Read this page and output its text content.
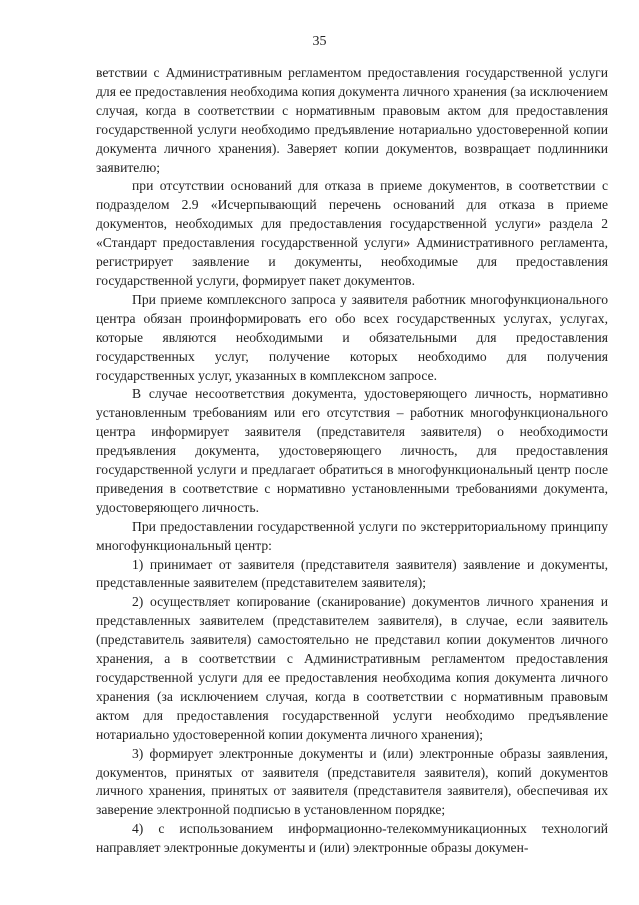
35

ветствии с Административным регламентом предоставления государственной услуги для ее предоставления необходима копия документа личного хранения (за исключением случая, когда в соответствии с нормативным правовым актом для предоставления государственной услуги необходимо предъявление нотариально удостоверенной копии документа личного хранения). Заверяет копии документов, возвращает подлинники заявителю;

при отсутствии оснований для отказа в приеме документов, в соответствии с подразделом 2.9 «Исчерпывающий перечень оснований для отказа в приеме документов, необходимых для предоставления государственной услуги» раздела 2 «Стандарт предоставления государственной услуги» Административного регламента, регистрирует заявление и документы, необходимые для предоставления государственной услуги, формирует пакет документов.

При приеме комплексного запроса у заявителя работник многофункционального центра обязан проинформировать его обо всех государственных услугах, услугах, которые являются необходимыми и обязательными для предоставления государственных услуг, получение которых необходимо для получения государственных услуг, указанных в комплексном запросе.

В случае несоответствия документа, удостоверяющего личность, нормативно установленным требованиям или его отсутствия – работник многофункционального центра информирует заявителя (представителя заявителя) о необходимости предъявления документа, удостоверяющего личность, для предоставления государственной услуги и предлагает обратиться в многофункциональный центр после приведения в соответствие с нормативно установленными требованиями документа, удостоверяющего личность.

При предоставлении государственной услуги по экстерриториальному принципу многофункциональный центр:

1) принимает от заявителя (представителя заявителя) заявление и документы, представленные заявителем (представителем заявителя);

2) осуществляет копирование (сканирование) документов личного хранения и представленных заявителем (представителем заявителя), в случае, если заявитель (представитель заявителя) самостоятельно не представил копии документов личного хранения, а в соответствии с Административным регламентом предоставления государственной услуги для ее предоставления необходима копия документа личного хранения (за исключением случая, когда в соответствии с нормативным правовым актом для предоставления государственной услуги необходимо предъявление нотариально удостоверенной копии документа личного хранения);

3) формирует электронные документы и (или) электронные образы заявления, документов, принятых от заявителя (представителя заявителя), копий документов личного хранения, принятых от заявителя (представителя заявителя), обеспечивая их заверение электронной подписью в установленном порядке;

4) с использованием информационно-телекоммуникационных технологий направляет электронные документы и (или) электронные образы докумен-
